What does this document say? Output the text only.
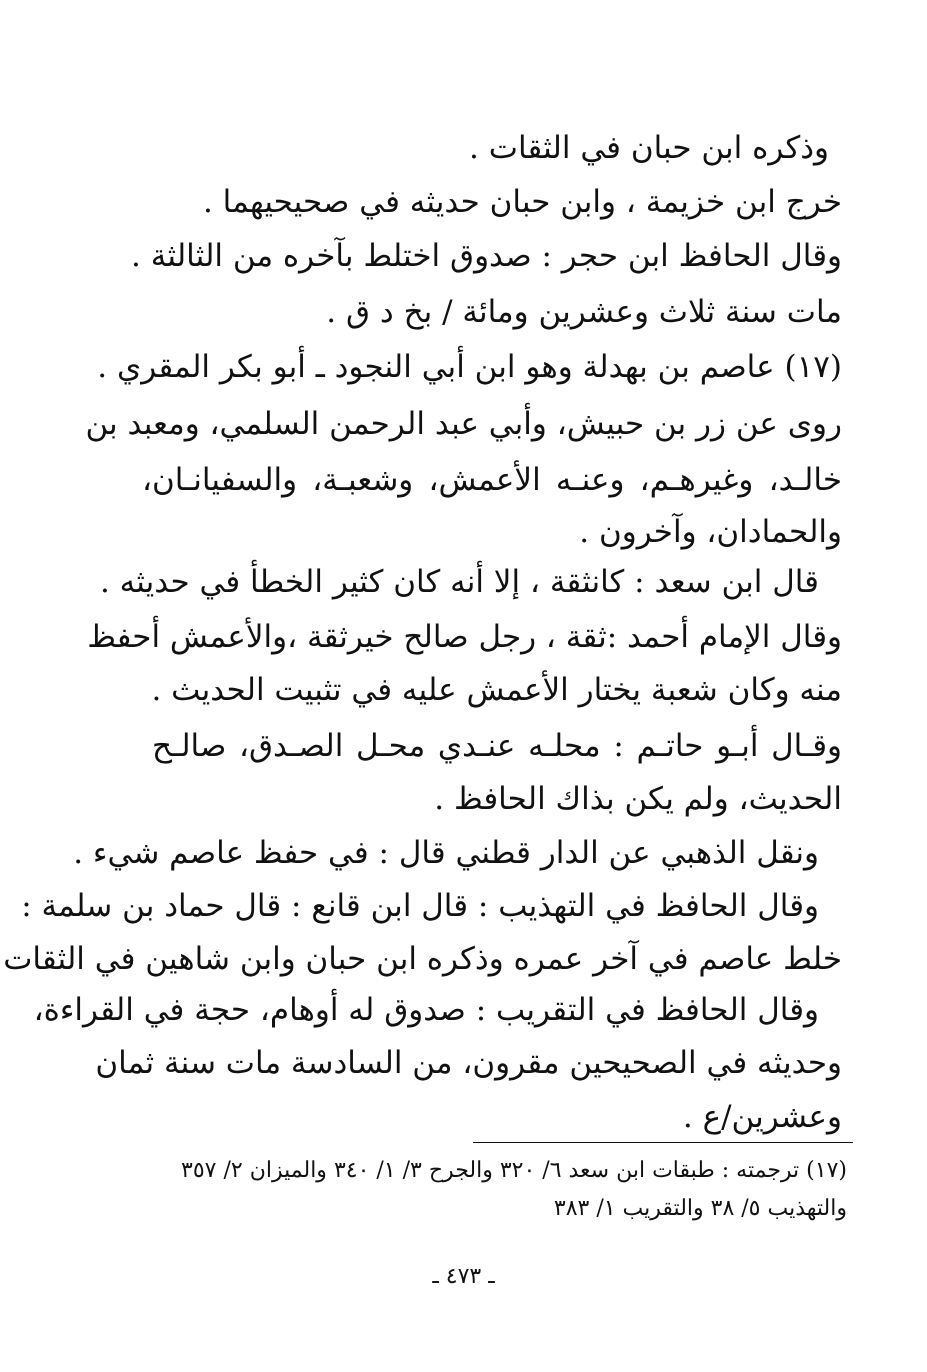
وذكره ابن حبان في الثقات .
خرج ابن خزيمة ، وابن حبان حديثه في صحيحيهما .
وقال الحافظ ابن حجر : صدوق اختلط بآخره من الثالثة .
مات سنة ثلاث وعشرين ومائة / بخ د ق .
(١٧) عاصم بن بهدلة وهو ابن أبي النجود ـ أبو بكر المقري .
روى عن زر بن حبيش، وأبي عبد الرحمن السلمي، ومعبد بن
خالـد، وغيرهـم، وعنـه الأعمش، وشعبـة، والسفيانـان،
والحمادان، وآخرون .
قال ابن سعد : كانثقة ، إلا أنه كان كثير الخطأ في حديثه .
وقال الإمام أحمد :ثقة ، رجل صالح خيرثقة ،والأعمش أحفظ
منه وكان شعبة يختار الأعمش عليه في تثبيت الحديث .
وقـال أبـو حاتـم : محلـه عنـدي محـل الصـدق، صالـح
الحديث، ولم يكن بذاك الحافظ .
ونقل الذهبي عن الدار قطني قال : في حفظ عاصم شيء .
وقال الحافظ في التهذيب : قال ابن قانع : قال حماد بن سلمة :
خلط عاصم في آخر عمره وذكره ابن حبان وابن شاهين في الثقات
وقال الحافظ في التقريب : صدوق له أوهام، حجة في القراءة،
وحديثه في الصحيحين مقرون، من السادسة مات سنة ثمان
وعشرين/ع .
(١٧) ترجمته : طبقات ابن سعد ٦/ ٣٢٠ والجرح ٣/ ١/ ٣٤٠ والميزان ٢/ ٣٥٧
والتهذيب ٥/ ٣٨ والتقريب ١/ ٣٨٣
ـ ٤٧٣ ـ
